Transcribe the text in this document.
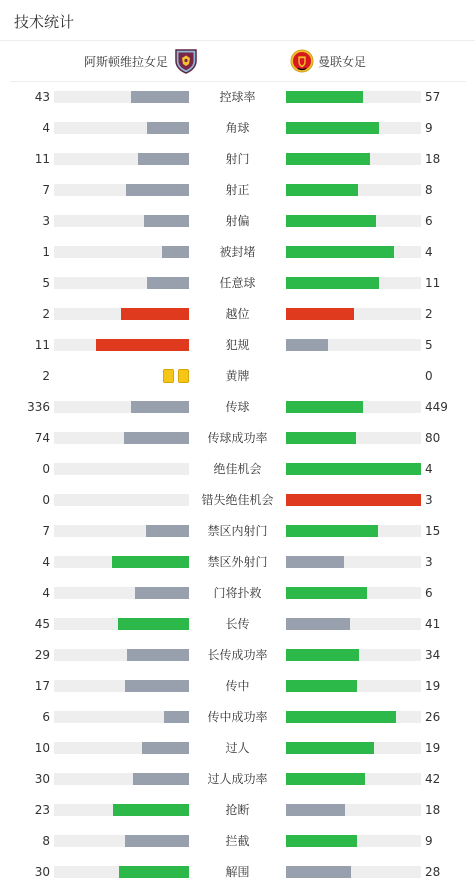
技术统计
阿斯顿维拉女足	曼联女足
43	控球率	57
4	角球	9
11	射门	18
7	射正	8
3	射偏	6
1	被封堵	4
5	任意球	11
2	越位	2
11	犯规	5
2	黄牌	0
336	传球	449
74	传球成功率	80
0	绝佳机会	4
0	错失绝佳机会	3
7	禁区内射门	15
4	禁区外射门	3
4	门将扑救	6
45	长传	41
29	长传成功率	34
17	传中	19
6	传中成功率	26
10	过人	19
30	过人成功率	42
23	抢断	18
8	拦截	9
30	解围	28
